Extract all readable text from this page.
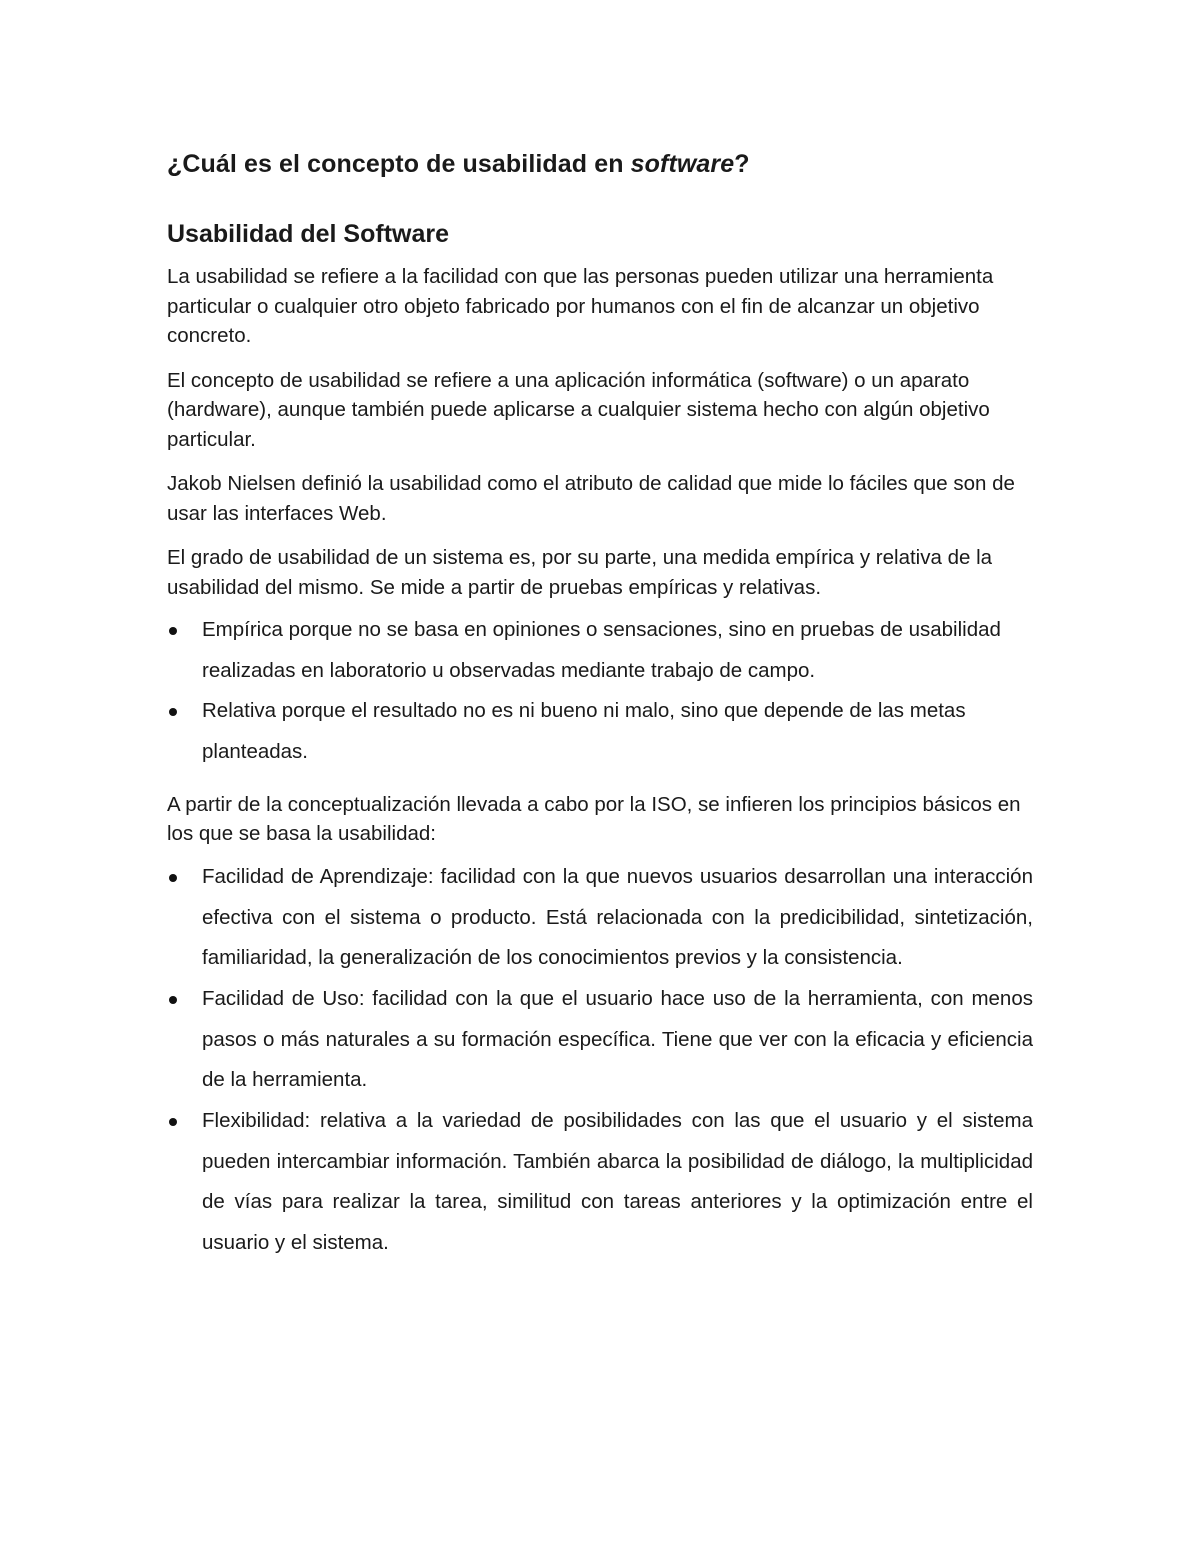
¿Cuál es el concepto de usabilidad en software?
Usabilidad del Software

La usabilidad se refiere a la facilidad con que las personas pueden utilizar una herramienta particular o cualquier otro objeto fabricado por humanos con el fin de alcanzar un objetivo concreto.

El concepto de usabilidad se refiere a una aplicación informática (software) o un aparato (hardware), aunque también puede aplicarse a cualquier sistema hecho con algún objetivo particular.

Jakob Nielsen definió la usabilidad como el atributo de calidad que mide lo fáciles que son de usar las interfaces Web.

El grado de usabilidad de un sistema es, por su parte, una medida empírica y relativa de la usabilidad del mismo. Se mide a partir de pruebas empíricas y relativas.

Empírica porque no se basa en opiniones o sensaciones, sino en pruebas de usabilidad realizadas en laboratorio u observadas mediante trabajo de campo.
Relativa porque el resultado no es ni bueno ni malo, sino que depende de las metas planteadas.

A partir de la conceptualización llevada a cabo por la ISO, se infieren los principios básicos en los que se basa la usabilidad:

Facilidad de Aprendizaje: facilidad con la que nuevos usuarios desarrollan una interacción efectiva con el sistema o producto. Está relacionada con la predicibilidad, sintetización, familiaridad, la generalización de los conocimientos previos y la consistencia.
Facilidad de Uso: facilidad con la que el usuario hace uso de la herramienta, con menos pasos o más naturales a su formación específica. Tiene que ver con la eficacia y eficiencia de la herramienta.
Flexibilidad: relativa a la variedad de posibilidades con las que el usuario y el sistema pueden intercambiar información. También abarca la posibilidad de diálogo, la multiplicidad de vías para realizar la tarea, similitud con tareas anteriores y la optimización entre el usuario y el sistema.
